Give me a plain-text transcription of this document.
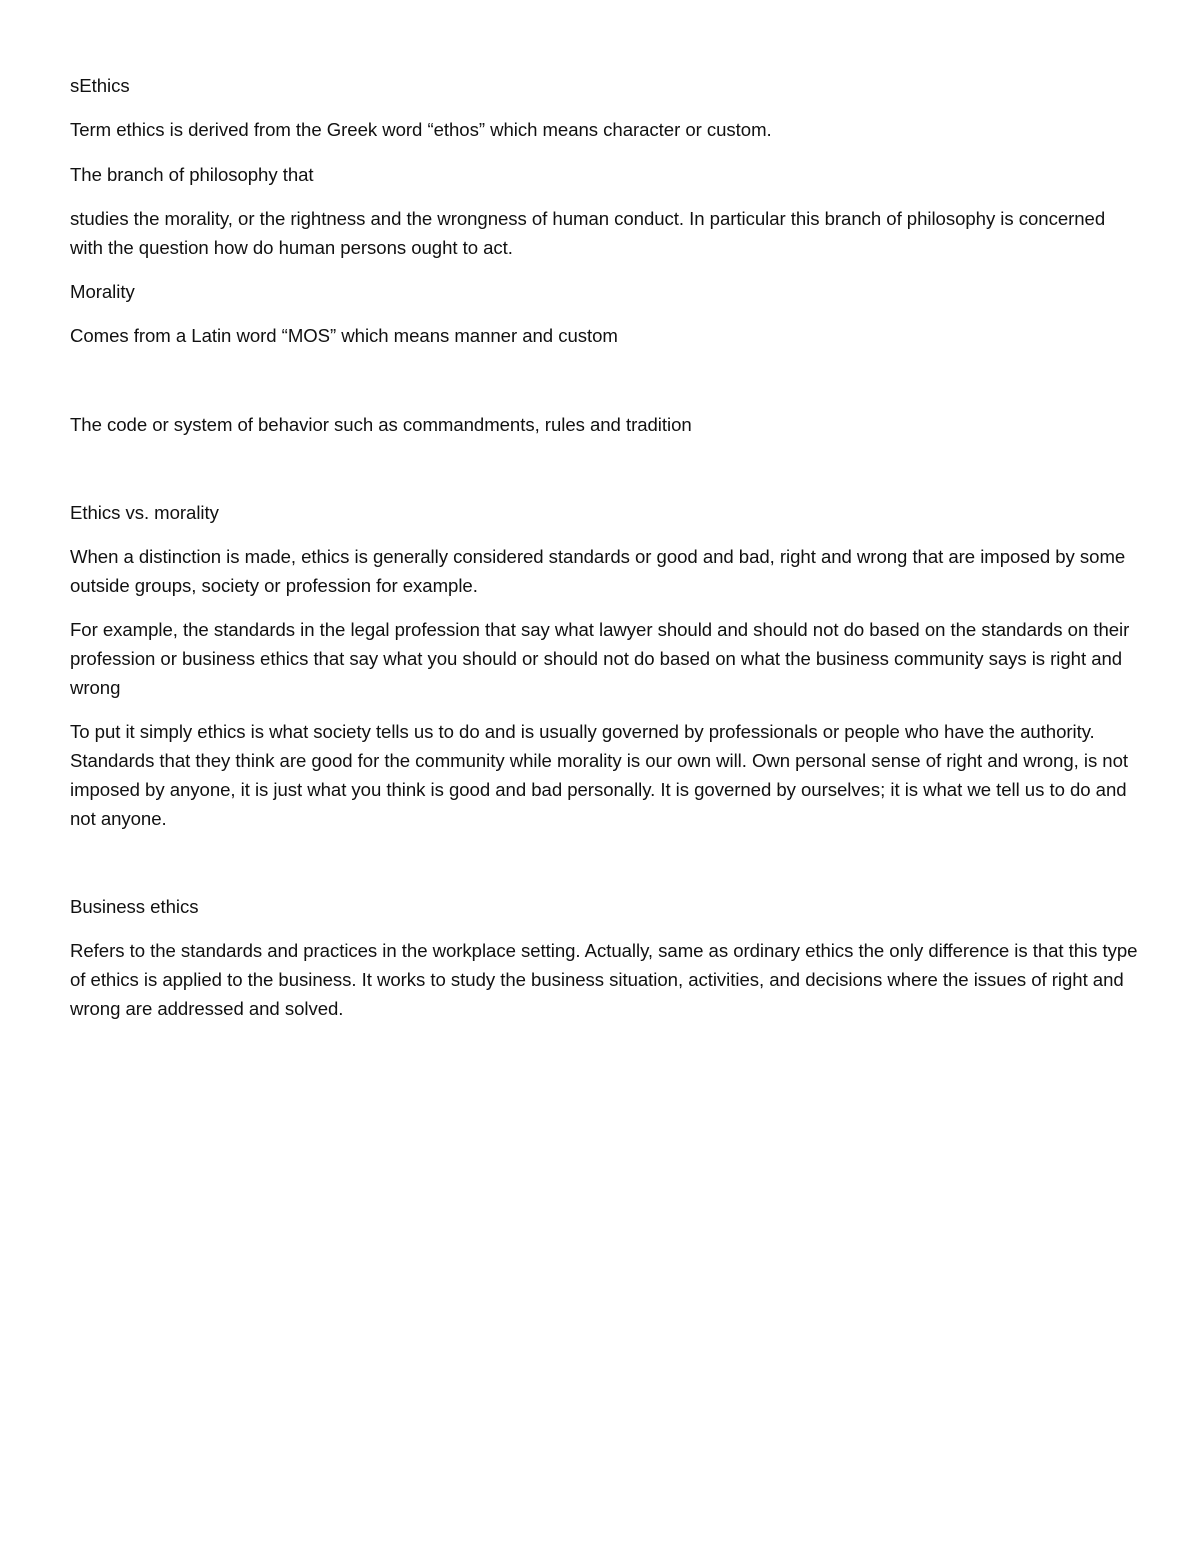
sEthics

Term ethics is derived from the Greek word “ethos” which means character or custom.

The branch of philosophy that

studies the morality, or the rightness and the wrongness of human conduct. In particular this branch of philosophy is concerned with the question how do human persons ought to act.

Morality

Comes from a Latin word “MOS” which means manner and custom

The code or system of behavior such as commandments, rules and tradition

Ethics vs. morality

When a distinction is made, ethics is generally considered standards or good and bad, right and wrong that are imposed by some outside groups, society or profession for example.

For example, the standards in the legal profession that say what lawyer should and should not do based on the standards on their profession or business ethics that say what you should or should not do based on what the business community says is right and wrong

To put it simply ethics is what society tells us to do and is usually governed by professionals or people who have the authority. Standards that they think are good for the community while morality is our own will. Own personal sense of right and wrong, is not imposed by anyone, it is just what you think is good and bad personally. It is governed by ourselves; it is what we tell us to do and not anyone.

Business ethics

Refers to the standards and practices in the workplace setting. Actually, same as ordinary ethics the only difference is that this type of ethics is applied to the business. It works to study the business situation, activities, and decisions where the issues of right and wrong are addressed and solved.
